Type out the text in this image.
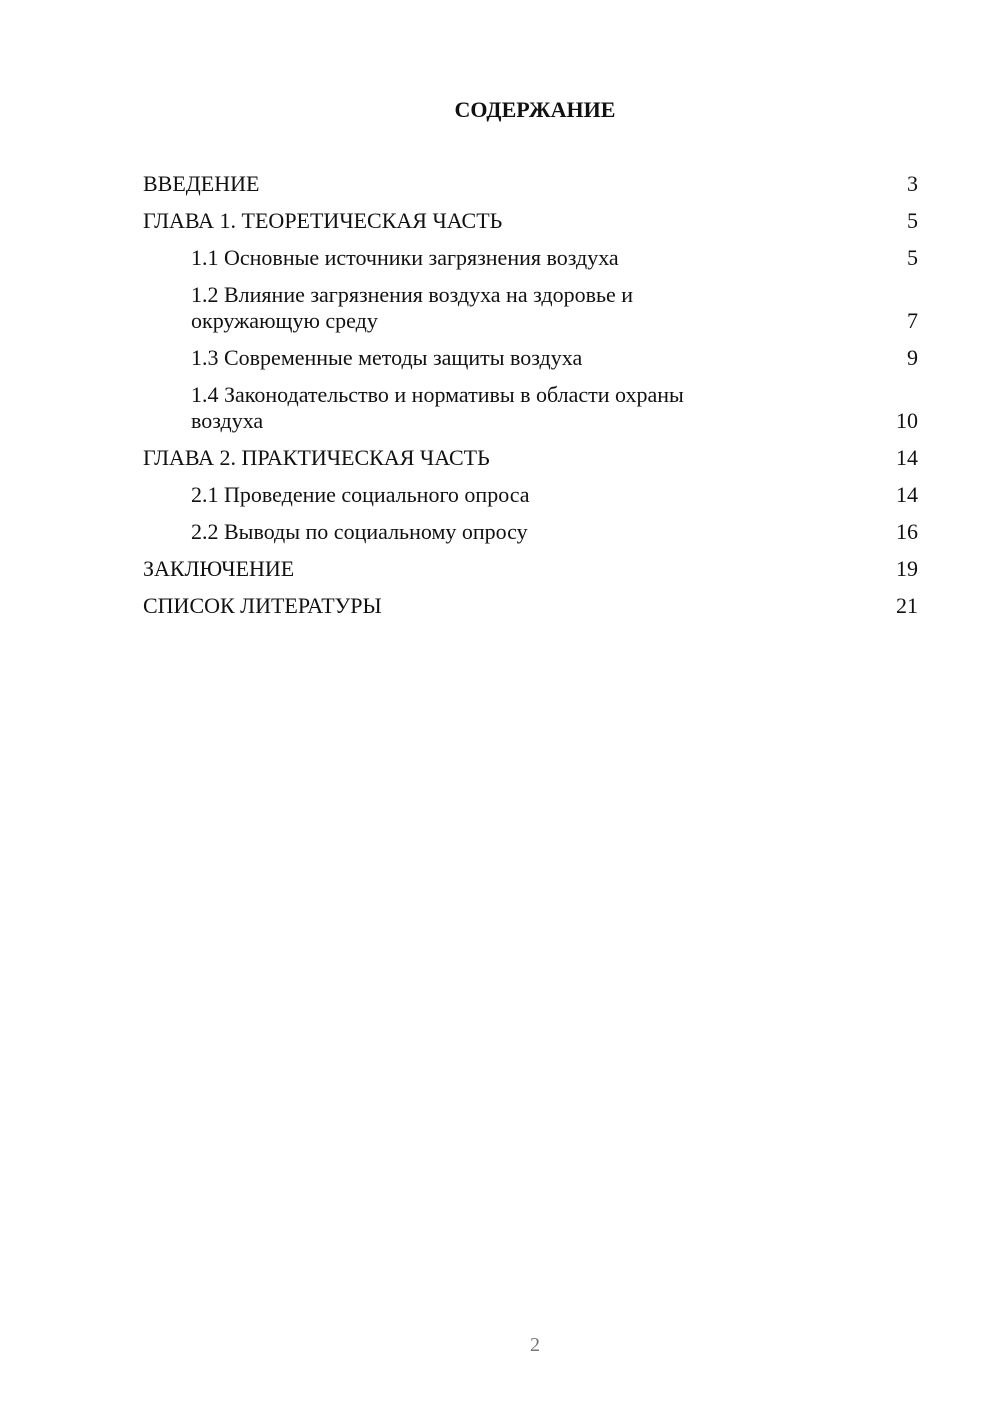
СОДЕРЖАНИЕ
ВВЕДЕНИЕ	3
ГЛАВА 1. ТЕОРЕТИЧЕСКАЯ ЧАСТЬ	5
1.1 Основные источники загрязнения воздуха	5
1.2 Влияние загрязнения воздуха на здоровье и окружающую среду	7
1.3 Современные методы защиты воздуха	9
1.4 Законодательство и нормативы в области охраны воздуха	10
ГЛАВА 2. ПРАКТИЧЕСКАЯ ЧАСТЬ	14
2.1 Проведение социального опроса	14
2.2 Выводы по социальному опросу	16
ЗАКЛЮЧЕНИЕ	19
СПИСОК ЛИТЕРАТУРЫ	21
2
